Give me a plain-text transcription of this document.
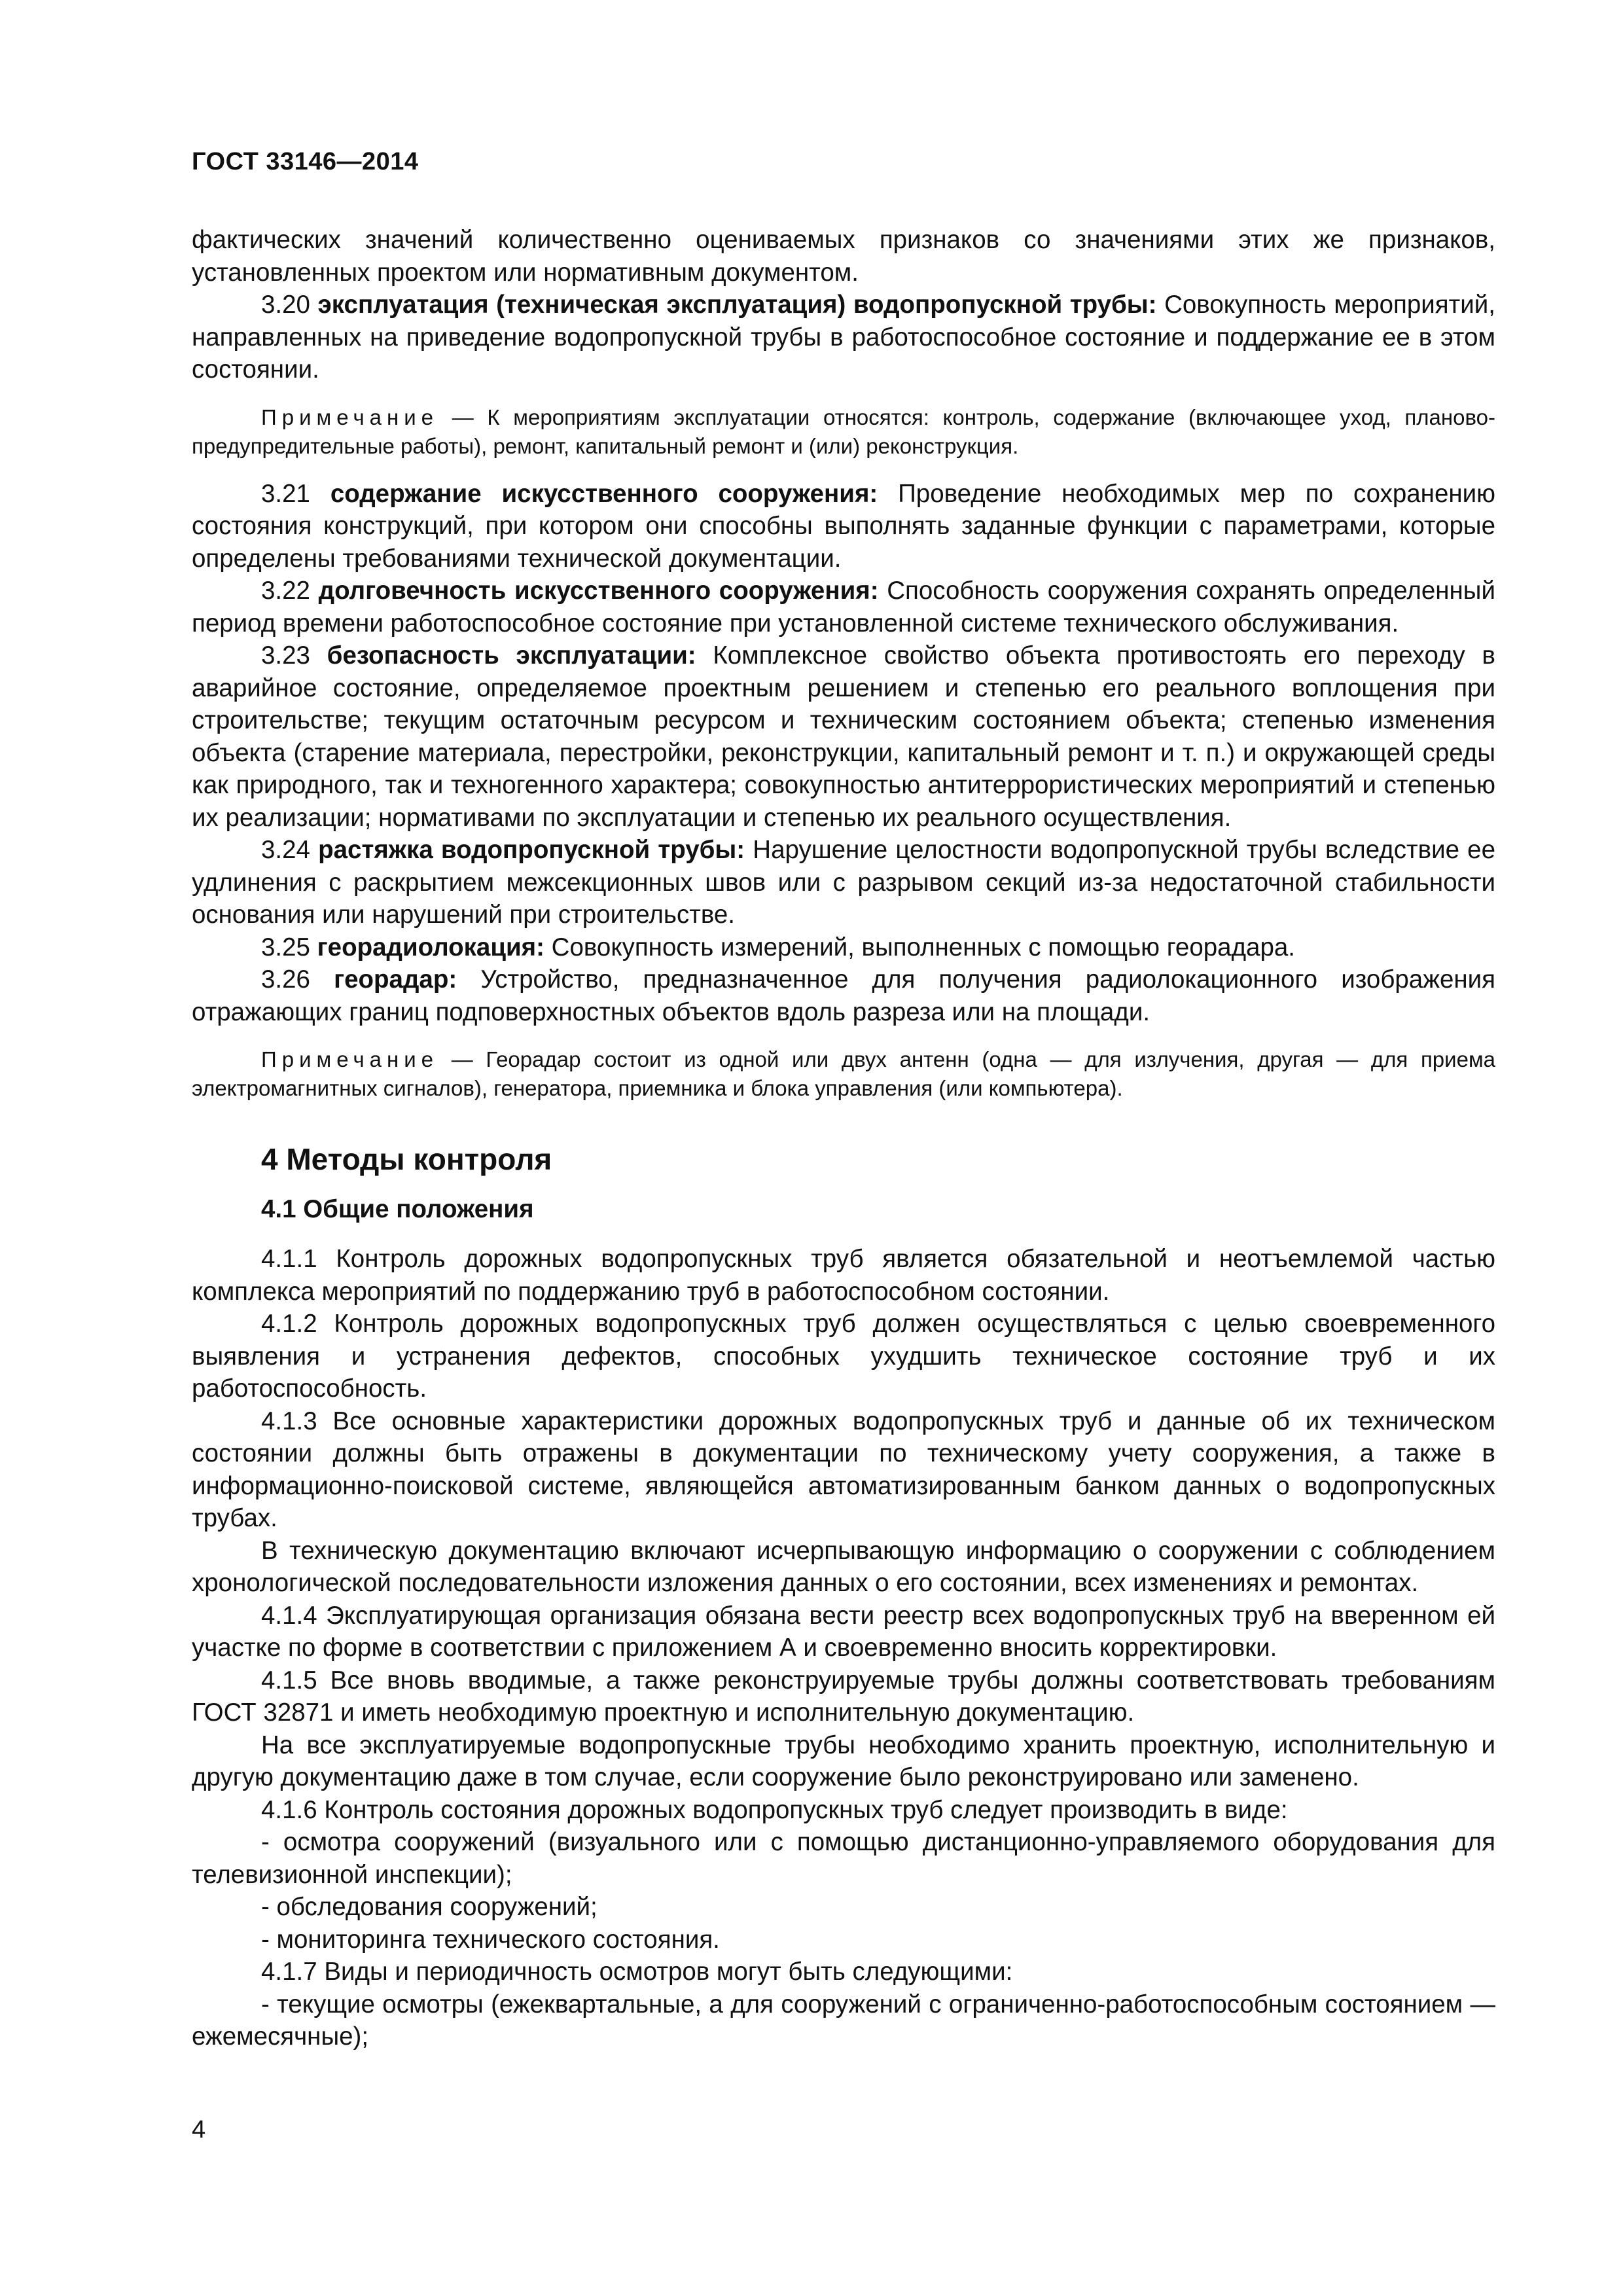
ГОСТ 33146—2014

фактических значений количественно оцениваемых признаков со значениями этих же признаков, установленных проектом или нормативным документом.

3.20 эксплуатация (техническая эксплуатация) водопропускной трубы: Совокупность мероприятий, направленных на приведение водопропускной трубы в работоспособное состояние и поддержание ее в этом состоянии.

Примечание — К мероприятиям эксплуатации относятся: контроль, содержание (включающее уход, планово-предупредительные работы), ремонт, капитальный ремонт и (или) реконструкция.

3.21 содержание искусственного сооружения: Проведение необходимых мер по сохранению состояния конструкций, при котором они способны выполнять заданные функции с параметрами, которые определены требованиями технической документации.

3.22 долговечность искусственного сооружения: Способность сооружения сохранять определенный период времени работоспособное состояние при установленной системе технического обслуживания.

3.23 безопасность эксплуатации: Комплексное свойство объекта противостоять его переходу в аварийное состояние, определяемое проектным решением и степенью его реального воплощения при строительстве; текущим остаточным ресурсом и техническим состоянием объекта; степенью изменения объекта (старение материала, перестройки, реконструкции, капитальный ремонт и т. п.) и окружающей среды как природного, так и техногенного характера; совокупностью антитеррористических мероприятий и степенью их реализации; нормативами по эксплуатации и степенью их реального осуществления.

3.24 растяжка водопропускной трубы: Нарушение целостности водопропускной трубы вследствие ее удлинения с раскрытием межсекционных швов или с разрывом секций из-за недостаточной стабильности основания или нарушений при строительстве.

3.25 георадиолокация: Совокупность измерений, выполненных с помощью георадара.

3.26 георадар: Устройство, предназначенное для получения радиолокационного изображения отражающих границ подповерхностных объектов вдоль разреза или на площади.

Примечание — Георадар состоит из одной или двух антенн (одна — для излучения, другая — для приема электромагнитных сигналов), генератора, приемника и блока управления (или компьютера).

4 Методы контроля
4.1 Общие положения

4.1.1 Контроль дорожных водопропускных труб является обязательной и неотъемлемой частью комплекса мероприятий по поддержанию труб в работоспособном состоянии.

4.1.2 Контроль дорожных водопропускных труб должен осуществляться с целью своевременного выявления и устранения дефектов, способных ухудшить техническое состояние труб и их работоспособность.

4.1.3 Все основные характеристики дорожных водопропускных труб и данные об их техническом состоянии должны быть отражены в документации по техническому учету сооружения, а также в информационно-поисковой системе, являющейся автоматизированным банком данных о водопропускных трубах.

В техническую документацию включают исчерпывающую информацию о сооружении с соблюдением хронологической последовательности изложения данных о его состоянии, всех изменениях и ремонтах.

4.1.4 Эксплуатирующая организация обязана вести реестр всех водопропускных труб на вверенном ей участке по форме в соответствии с приложением А и своевременно вносить корректировки.

4.1.5 Все вновь вводимые, а также реконструируемые трубы должны соответствовать требованиям ГОСТ 32871 и иметь необходимую проектную и исполнительную документацию.

На все эксплуатируемые водопропускные трубы необходимо хранить проектную, исполнительную и другую документацию даже в том случае, если сооружение было реконструировано или заменено.

4.1.6 Контроль состояния дорожных водопропускных труб следует производить в виде:

- осмотра сооружений (визуального или с помощью дистанционно-управляемого оборудования для телевизионной инспекции);

- обследования сооружений;

- мониторинга технического состояния.

4.1.7 Виды и периодичность осмотров могут быть следующими:

- текущие осмотры (ежеквартальные, а для сооружений с ограниченно-работоспособным состоянием — ежемесячные);

4
